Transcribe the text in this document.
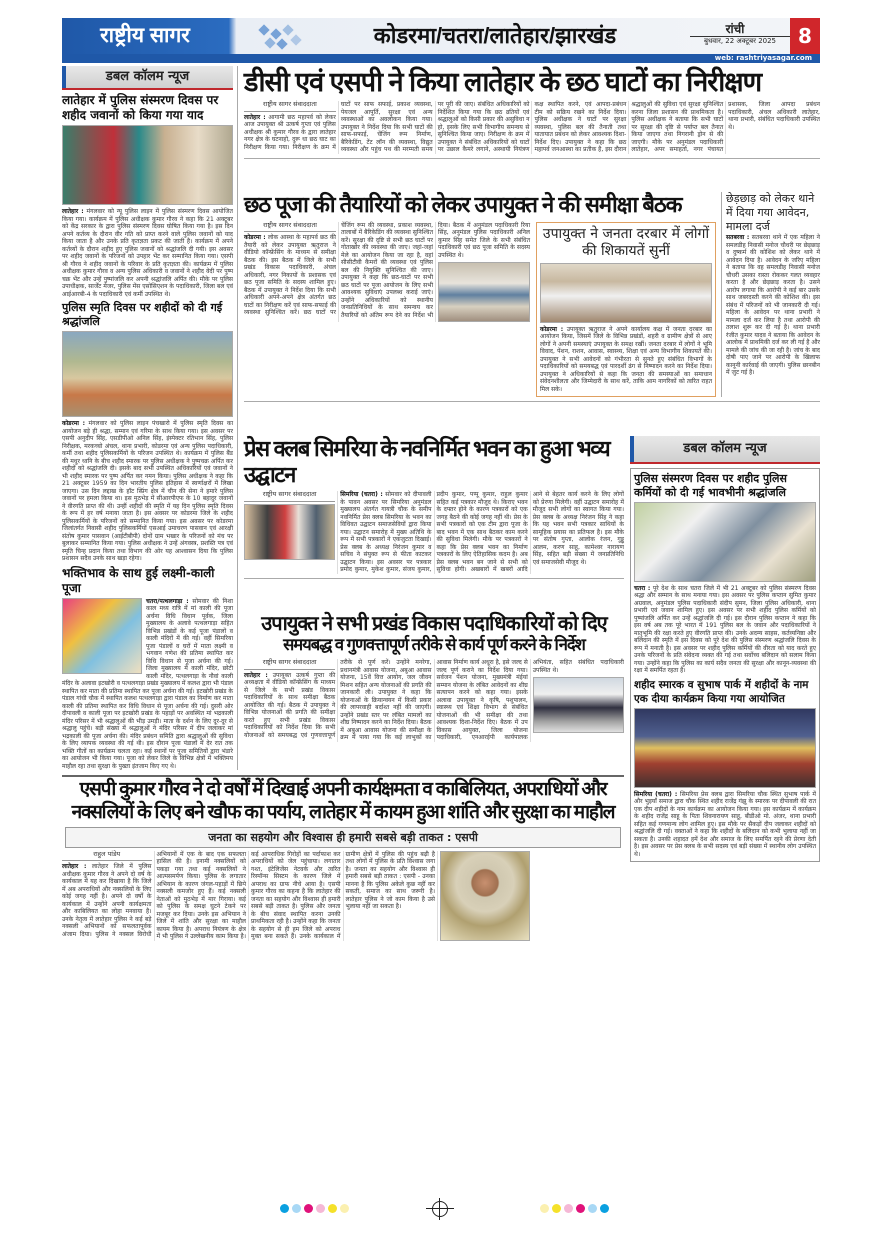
राष्ट्रीय सागर	कोडरमा/चतरा/लातेहार/झारखंड	रांची
बुधवार, 22 अक्टूबर 2025	8
web: rashtriyasagar.com
डबल कॉलम न्यूज
लातेहार में पुलिस संस्मरण दिवस पर शहीद जवानों को किया गया याद
लातेहार : मंगलवार को न्यू पुलिस लाइन में पुलिस संस्मरण दिवस आयोजित किया गया। कार्यक्रम में पुलिस अधीक्षक कुमार गौरव ने कहा कि 21 अक्टूबर को केंद्र सरकार के द्वारा पुलिस संस्मरण दिवस घोषित किया गया है। इस दिन अपने कर्तव्य के दौरान वीर गति को प्राप्त करने वाले पुलिस जवानों को याद किया जाता है और उनके प्रति कृतज्ञता प्रकट की जाती है। कार्यक्रम में अपने कर्तव्यों के दौरान शहीद हुए पुलिस जवानों को श्रद्धांजलि दी गयी। इस अवसर पर शहीद जवानों के परिजनों को उपहार भेंट कर सम्मानित किया गया। एसपी श्री गौरव ने शहीद जवानों के परिवार के प्रति कृतज्ञता की। कार्यक्रम में पुलिस अधीक्षक कुमार गौरव व अन्य पुलिस अधिकारी व जवानों ने शहीद वेदी पर पुष्प चक्र भेंट और उन्हें पुष्पांजलि कर अपनी श्रद्धांजलि अर्पित की। मौके पर पुलिस उपाधीक्षक, सार्जेंट मेजर, पुलिस मेंस एसोसिएशन के पदाधिकारी, जिला बल एवं आईआरबी-4 के पदाधिकारी एवं कर्मी उपस्थित थे।
पुलिस स्मृति दिवस पर शहीदों को दी गई श्रद्धांजलि
कोडरमा : मंगलवार को पुलिस लाइन पंचखारो में पुलिस स्मृति दिवस का आयोजन बड़े ही श्रद्धा, सम्मान एवं गरिमा के साथ किया गया। इस अवसर पर एसपी अनुदीप सिंह, एसडीपीओ अनिल सिंह, इंस्पेक्टर रतिभान सिंह, पुलिस निरीक्षक, मरकच्चो अंचल, थाना प्रभारी, कोडरमा एवं अन्य पुलिस पदाधिकारी, कर्मी तथा शहीद पुलिसकर्मियों के परिजन उपस्थित थे। कार्यक्रम में पुलिस बैंड की मधुर ध्वनि के बीच शहीद स्मारक पर पुलिस अधीक्षक ने पुष्पचक्र अर्पित कर शहीदों को श्रद्धांजलि दी। इसके बाद सभी उपस्थित अधिकारियों एवं जवानों ने भी शहीद स्मारक पर पुष्प अर्पित कर नमन किया। पुलिस अधीक्षक ने कहा कि 21 अक्टूबर 1959 का दिन भारतीय पुलिस इतिहास में स्वर्णाक्षरों में लिखा जाएगा। उस दिन लद्दाख के हॉट स्प्रिंग क्षेत्र में चीन की सेना ने हमारे पुलिस जवानों पर हमला किया था। इस मुठभेड़ में सीआरपीएफ के 10 बहादुर जवानों ने वीरगति प्राप्त की थी। उन्हीं शहीदों की स्मृति में यह दिन पुलिस स्मृति दिवस के रूप में हर वर्ष मनाया जाता है। इस अवसर पर कोडरमा जिले के शहीद पुलिसकर्मियों के परिजनों को सम्मानित किया गया। इस अवसर पर कोडरमा जिलांतर्गत निवासी शहीद पुलिसकर्मियों एसआई उमाचरण पासवान एवं आरक्षी संतोष कुमार पासवान (आईटीबीपी) दोनों ग्राम भखार के परिजनों को मंच पर बुलाकर सम्मानित किया गया। पुलिस अधीक्षक ने उन्हें अंगवस्त्र, प्रशस्ति पत्र एवं स्मृति चिन्ह प्रदान किया तथा विभाग की ओर यह आश्वासन दिया कि पुलिस प्रशासन सदैव उनके साथ खड़ा रहेगा।
भक्तिभाव के साथ हुई लक्ष्मी-काली पूजा
चतरा/पत्थलगाड़ा : सोमवार की निशा काल मध्य रात्रि में मां काली की पूजा अर्चना विधि विधान पूर्वक, जिला मुख्यालय के अलावे पत्थलगाड़ा सहित विभिन्न प्रखंडों के कई पूजा पंडालों व काली मंदिरों में की गई। वहीं सिमरिया पूजा पंडालों व घरों में माता लक्ष्मी व भगवान गणेश की प्रतिमा स्थापित कर विधि विधान से पूजा अर्चना की गई। जिला मुख्यालय में काली मंदिर, छोटी काली मंदिर, पत्थलगाड़ा के नौवां काली मंदिर के अलावा इटखोरी व पत्थलगाड़ा प्रखंड मुख्यालय में कलश द्वारा भी पंडाल स्थापित कर माता की प्रतिमा स्थापित कर पूजा अर्चना की गई। इटखोरी प्रखंड के पंडाल गांधी चौक में स्थापित कलश पत्थलगाड़ा द्वारा पंडाल का निर्माण कर माता काली की प्रतिमा स्थापित कर विधि विधान से पूजा अर्चना की गई। दुसरी ओर दीपावली व काली पूजा पर इटखोरी प्रखंड के पहाड़ों पर अवस्थित मां भद्रकाली मंदिर परिसर में भी श्रद्धालुओं की भीड़ उमड़ी। माता के दर्शन के लिए दूर-दूर से श्रद्धालु पहुंचे। बड़ी संख्या में श्रद्धालुओं ने मंदिर परिसर में दीप जलाकर मां भद्रकाली की पूजा अर्चना की। मंदिर प्रबंधन समिति द्वारा श्रद्धालुओं की सुविधा के लिए व्यापक व्यवस्था की गई थी। इस दौरान पूजा पंडालों में देर रात तक भक्ति गीतों का कार्यक्रम चलता रहा। कई स्थानों पर पूजा समितियों द्वारा भंडारे का आयोजन भी किया गया। पूजा को लेकर जिले के विभिन्न क्षेत्रों में भक्तिमय माहौल रहा तथा सुरक्षा के पुख्ता इंतजाम किए गए थे।
डीसी एवं एसपी ने किया लातेहार के छठ घाटों का निरीक्षण
राष्ट्रीय सागर संवाददाता
लातेहार : आगामी छठ महापर्व को लेकर आज उपायुक्त श्री उत्कर्ष गुप्ता एवं पुलिस अधीक्षक श्री कुमार गौरव के द्वारा लातेहार नगर क्षेत्र के घटनाहो, दुरू धा छठ घाट का निरीक्षण किया गया। निरीक्षण के क्रम में घाटों पर साफ सफाई, प्रकाश व्यवस्था, पेयजल आपूर्ति, सुरक्षा एवं अन्य व्यवस्थाओं का अवलोकन किया गया। उपायुक्त ने निर्देश दिया कि सभी घाटों की साफ-सफाई, चेंजिंग रूम निर्माण, बैरिकेडिंग, टेंट लॉन की व्यवस्था, विद्युत व्यवस्था और पहुंच पथ की मरम्मती समय पर पूरी की जाए। संबंधित अधिकारियों को निर्देशित किया गया कि छठ व्रतियों एवं श्रद्धालुओं को किसी प्रकार की असुविधा न हो, इसके लिए सभी विभागीय समन्वय से सुनिश्चित किया जाए। निरीक्षण के क्रम में उपायुक्त ने संबंधित अधिकारियों को घाटों पर उछाल कैमरे लगाने, अस्थायी नियंत्रण कक्ष स्थापित करने, एवं आपदा-प्रबंधन टीम को सक्रिय रखने का निर्देश दिया। पुलिस अधीक्षक ने घाटों पर सुरक्षा व्यवस्था, पुलिस बल की तैनाती तथा यातायात प्रबंधन को लेकर आवश्यक दिशा-निर्देश दिए। उपायुक्त ने कहा कि छठ महापर्व जनआस्था का प्रतीक है, इस दौरान श्रद्धालुओं की सुविधा एवं सुरक्षा सुनिश्चित करना जिला प्रशासन की प्राथमिकता है। पुलिस अधीक्षक ने बताया कि सभी घाटों पर सुरक्षा की दृष्टि से पर्याप्त बल तैनात किया जाएगा तथा निगरानी ड्रोन से की जाएगी। मौके पर अनुमंडल पदाधिकारी लातेहार, अपर समाहर्ता, नगर पंचायत प्रशासक, जिला आपदा प्रबंधन पदाधिकारी, अंचल अधिकारी लातेहार, थाना प्रभारी, संबंधित पदाधिकारी उपस्थित थे।
छठ पूजा की तैयारियों को लेकर उपायुक्त ने की समीक्षा बैठक
राष्ट्रीय सागर संवाददाता
कोडरमा : लोक आस्था के महापर्व छठ की तैयारी को लेकर उपायुक्त ऋतुराज ने वीडियो कॉन्फ्रेंसिंग के माध्यम से समीक्षा बैठक की। इस बैठक में जिले के सभी प्रखंड विकास पदाधिकारी, अंचल अधिकारी, नगर निकायों के प्रशासक एवं छठ पूजा समिति के सदस्य शामिल हुए। बैठक में उपायुक्त ने निर्देश दिया कि सभी अधिकारी अपने-अपने क्षेत्र अंतर्गत छठ घाटों का निरीक्षण करें एवं साफ-सफाई की व्यवस्था सुनिश्चित करें। छठ घाटों पर चेंजिंग रूम की व्यवस्था, प्रकाश व्यवस्था, तालाबों में बैरिकेडिंग की व्यवस्था सुनिश्चित करें। सुरक्षा की दृष्टि से सभी छठ घाटों पर गोताखोर की व्यवस्था की जाए। जहां-जहां मेले का आयोजन किया जा रहा है, वहां सीसीटीवी कैमरों की व्यवस्था एवं पुलिस बल की नियुक्ति सुनिश्चित की जाए। उपायुक्त ने कहा कि छठ-घाटों पर सभी छठ घाटों पर पूजा आयोजन के लिए सभी आवश्यक सुविधाएं उपलब्ध कराई जाएं। उन्होंने अधिकारियों को स्थानीय जनप्रतिनिधियों के साथ समन्वय कर तैयारियों को अंतिम रूप देने का निर्देश भी दिया। बैठक में अनुमंडल पदाधिकारी रिया सिंह, अनुमंडल पुलिस पदाधिकारी अनिल कुमार सिंह समेत जिले के सभी संबंधित पदाधिकारी एवं छठ पूजा समिति के सदस्य उपस्थित थे।
उपायुक्त ने जनता दरबार में लोगों की शिकायतें सुनीं
कोडरमा : उपायुक्त ऋतुराज ने अपने कार्यालय कक्ष में जनता दरबार का आयोजन किया, जिसमें जिले के विभिन्न प्रखंडों, शहरी व ग्रामीण क्षेत्रों से आए लोगों ने अपनी समस्याएं उपायुक्त के समक्ष रखीं। जनता दरबार में लोगों ने भूमि विवाद, पेंशन, राशन, आवास, स्वास्थ्य, शिक्षा एवं अन्य विभागीय शिकायतें की। उपायुक्त ने सभी आवेदनों को गंभीरता से सुनते हुए संबंधित विभागों के पदाधिकारियों को समयबद्ध एवं पारदर्शी ढंग से निष्पादन करने का निर्देश दिया। उपायुक्त ने अधिकारियों से कहा कि जनता की समस्याओं का समाधान संवेदनशीलता और जिम्मेदारी के साथ करें, ताकि आम नागरिकों को त्वरित राहत मिल सके।
छेड़छाड़ को लेकर थाने में दिया गया आवेदन, मामला दर्ज
सतबरवा : सतबरवा थाने में एक महिला ने समलडीह निवासी मनोज चौधरी पर छेड़छाड़ व दुष्कर्म की कोशिश को लेकर थाने में आवेदन दिया है। आवेदन के जरिए महिला ने बताया कि वह समलडीह निवासी मनोज चौधरी उसका रास्ता रोककर गलत व्यवहार करता है और छेड़छाड़ करता है। उसने आरोप लगाया कि आरोपी ने कई बार उसके साथ जबरदस्ती करने की कोशिश की। इस संबंध में परिजनों को भी जानकारी दी गई। महिला के आवेदन पर थाना प्रभारी ने मामला दर्ज कर लिया है तथा आरोपी की तलाश शुरू कर दी गई है। थाना प्रभारी रंजीत कुमार यादव ने बताया कि आवेदन के आलोक में प्राथमिकी दर्ज कर ली गई है और मामले की जांच की जा रही है। जांच के बाद दोषी पाए जाने पर आरोपी के खिलाफ कानूनी कार्रवाई की जाएगी। पुलिस छानबीन में जुट गई है।
प्रेस क्लब सिमरिया के नवनिर्मित भवन का हुआ भव्य उद्घाटन
राष्ट्रीय सागर संवाददाता	सिमरिया (चतरा) : सोमवार को दीपावली के पावन अवसर पर सिमरिया अनुमंडल मुख्यालय अंतर्गत गायत्री चौक के समीप नवनिर्मित प्रेस क्लब सिमरिया के भवन का विधिवत उद्घाटन समाजसेवियों द्वारा किया गया। उद्घाटन समारोह में मुख्य अतिथि के रूप में सभी पत्रकारों ने एकजुटता दिखाई। प्रेस क्लब के अध्यक्ष निरंजन कुमार व सचिव ने संयुक्त रूप से फीता काटकर उद्घाटन किया। इस अवसर पर पत्रकार प्रमोद कुमार, मुकेश कुमार, संजय कुमार, प्रदीप कुमार, पप्पू कुमार, राहुल कुमार सहित कई पत्रकार मौजूद थे। किराए भवन के दफ्तर होने के कारण पत्रकारों को एक जगह बैठने की कोई जगह नहीं थी। प्रेस के सभी पत्रकारों को एक टीम द्वारा पूजा के बाद भवन में एक साथ बैठकर काम करने की सुविधा मिलेगी। मौके पर पत्रकारों ने कहा कि प्रेस क्लब भवन का निर्माण पत्रकारों के लिए ऐतिहासिक कदम है। अब प्रेस क्लब भवन बन जाने से सभी को सुविधा होगी। अखबारों में खबरों आदि आने से बेहतर कार्य करने के लिए लोगों को प्रेरणा मिलेगी। वहीं उद्घाटन समारोह में मौजूद सभी लोगों का स्वागत किया गया। प्रेस क्लब के अध्यक्ष निरंजन सिंह ने कहा कि यह भवन सभी पत्रकार साथियों के सामूहिक प्रयास का प्रतिफल है। इस मौके पर संतोष गुप्ता, आलोक रंजन, गुड्डू आलम, करण साहू, कामेश्वर नारायण सिंह, सहित बड़ी संख्या में जनप्रतिनिधि एवं समाजसेवी मौजूद थे।
उपायुक्त ने सभी प्रखंड विकास पदाधिकारियों को दिए
समयबद्ध व गुणवत्तापूर्ण तरीके से कार्य पूर्ण करने के निर्देश
राष्ट्रीय सागर संवाददाता
लातेहार : उपायुक्त उत्कर्ष गुप्ता की अध्यक्षता में वीडियो कॉन्फ्रेंसिंग के माध्यम से जिले के सभी प्रखंड विकास पदाधिकारियों के साथ समीक्षा बैठक आयोजित की गई। बैठक में उपायुक्त ने विभिन्न योजनाओं की प्रगति की समीक्षा करते हुए सभी प्रखंड विकास पदाधिकारियों को निर्देश दिया कि सभी योजनाओं को समयबद्ध एवं गुणवत्तापूर्ण तरीके से पूर्ण करें। उन्होंने मनरेगा, प्रधानमंत्री आवास योजना, अबुआ आवास योजना, 15वें वित्त आयोग, जल जीवन मिशन सहित अन्य योजनाओं की प्रगति की जानकारी ली। उपायुक्त ने कहा कि योजनाओं के क्रियान्वयन में किसी प्रकार की लापरवाही बर्दाश्त नहीं की जाएगी। उन्होंने प्रखंड स्तर पर लंबित मामलों का शीघ्र निष्पादन करने का निर्देश दिया। बैठक में अबुआ आवास योजना की समीक्षा के क्रम में पाया गया कि कई लाभुकों का आवास निर्माण कार्य अधूरा है, इसे जल्द से जल्द पूर्ण कराने का निर्देश दिया गया। सर्वजन पेंशन योजना, मुख्यमंत्री मंईयां सम्मान योजना के लंबित आवेदनों का शीघ्र सत्यापन करने को कहा गया। इसके अलावा उपायुक्त ने कृषि, पशुपालन, स्वास्थ्य एवं शिक्षा विभाग से संबंधित योजनाओं की भी समीक्षा की तथा आवश्यक दिशा-निर्देश दिए। बैठक में उप विकास आयुक्त, जिला योजना पदाधिकारी, एनआरईपी कार्यपालक अभियंता, सहित संबंधित पदाधिकारी उपस्थित थे।
डबल कॉलम न्यूज
पुलिस संस्मरण दिवस पर शहीद पुलिस कर्मियों को दी गई भावभीनी श्रद्धांजलि
चतरा : पूरे देश के साथ चतरा जिले में भी 21 अक्टूबर को पुलिस संस्मरण दिवस श्रद्धा और सम्मान के साथ मनाया गया। इस अवसर पर पुलिस कप्तान सुमित कुमार अग्रवाल, अनुमंडल पुलिस पदाधिकारी संदीप सुमन, जिला पुलिस अधिकारी, थाना प्रभारी एवं जवान शामिल हुए। इस अवसर पर सभी शहीद पुलिस कर्मियों को पुष्पांजलि अर्पित कर उन्हें श्रद्धांजलि दी गई। इस दौरान पुलिस कप्तान ने कहा कि इस वर्ष अब तक पूरे भारत में 191 पुलिस बल के जवान और पदाधिकारियों ने मातृभूमि की रक्षा करते हुए वीरगति प्राप्त की। उनके अदम्य साहस, कर्तव्यनिष्ठा और बलिदान की स्मृति में इस दिवस को पूरे देश की पुलिस संस्मरण श्रद्धांजलि दिवस के रूप में मनाती है। इस अवसर पर शहीद पुलिस कर्मियों की वीरता को याद करते हुए उनके परिजनों के प्रति संवेदना व्यक्त की गई तथा सर्वोच्च बलिदान को सलाम किया गया। उन्होंने कहा कि पुलिस का कार्य सदैव जनता की सुरक्षा और कानून-व्यवस्था की रक्षा में समर्पित रहता है।
शहीद स्मारक व सुभाष पार्क में शहीदों के नाम एक दीया कार्यक्रम किया गया आयोजित
सिमरिया (चतरा) : सिमरिया प्रेस क्लब द्वारा सिमरिया चौक स्थित सुभाष पार्क में और भुइयाँ समाज द्वारा चौक स्थित शहीद राजेंद्र गंझू के स्मारक पर दीपावली की रात एक दीप शहीदों के नाम कार्यक्रम का आयोजन किया गया। इस कार्यक्रम में कार्यक्रम के शहीद राजेंद्र साहू के पिता शिवनारायण साहू, बीडीओ मो. अंजर, थाना प्रभारी सहित कई गणमान्य लोग शामिल हुए। इस मौके पर सैकड़ों दीप जलाकर शहीदों को श्रद्धांजलि दी गई। वक्ताओं ने कहा कि शहीदों के बलिदान को कभी भुलाया नहीं जा सकता है। उनकी शहादत हमें देश और समाज के लिए समर्पित रहने की प्रेरणा देती है। इस अवसर पर प्रेस क्लब के सभी सदस्य एवं बड़ी संख्या में स्थानीय लोग उपस्थित थे।
एसपी कुमार गौरव ने दो वर्षों में दिखाई अपनी कार्यक्षमता व काबिलियत, अपराधियों और
नक्सलियों के लिए बने खौफ का पर्याय, लातेहार में कायम हुआ शांति और सुरक्षा का माहौल
जनता का सहयोग और विश्वास ही हमारी सबसे बड़ी ताकत : एसपी
राहुल पांडेय
लातेहार : लातेहार जिले में पुलिस अधीक्षक कुमार गौरव ने अपने दो वर्ष के कार्यकाल में यह कर दिखाया है कि जिले में अब अपराधियों और नक्सलियों के लिए कोई जगह नहीं है। अपने दो वर्षों के कार्यकाल में उन्होंने अपनी कार्यक्षमता और काबिलियत का लोहा मनवाया है। उनके नेतृत्व में लातेहार पुलिस ने कई बड़े नक्सली अभियानों को सफलतापूर्वक अंजाम दिया। पुलिस ने नक्सल विरोधी अभियानों में एक के बाद एक सफलता हासिल की है। इनामी नक्सलियों को पकड़ा गया तथा कई नक्सलियों ने आत्मसमर्पण किया। पुलिस के लगातार अभियान के कारण जंगल-पहाड़ों में छिपे नक्सली कमजोर हुए हैं। कई नक्सली नेताओं को मुठभेड़ में मार गिराया। कई को पुलिस के समक्ष घुटने टेकने पर मजबूर कर दिया। उनके इस अभियान ने जिले में शांति और सुरक्षा का माहौल कायम किया है। अपराध नियंत्रण के क्षेत्र में भी पुलिस ने उल्लेखनीय काम किया है। कई आपराधिक गिरोहों का पर्दाफाश कर अपराधियों को जेल पहुंचाया। लगातार गश्त, इंटेलिजेंस नेटवर्क और त्वरित रिस्पॉन्स सिस्टम के कारण जिले में अपराध का ग्राफ नीचे आया है। एसपी कुमार गौरव का कहना है कि लातेहार की जनता का सहयोग और विश्वास ही हमारी सबसे बड़ी ताकत है। पुलिस और जनता के बीच संवाद स्थापित करना उनकी प्राथमिकता रही है। उन्होंने कहा कि जनता के सहयोग से ही हम जिले को अपराध मुक्त बना सकते हैं। उनके कार्यकाल में ग्रामीण क्षेत्रों में पुलिस की पहुंच बढ़ी है तथा लोगों में पुलिस के प्रति विश्वास जगा है। जनता का सहयोग और विश्वास ही हमारी सबसे बड़ी ताकत : एसपी - उनका मानना है कि पुलिस अकेले कुछ नहीं कर सकती, समाज का साथ जरूरी है। लातेहार पुलिस ने जो काम किया है उसे भुलाया नहीं जा सकता है।
